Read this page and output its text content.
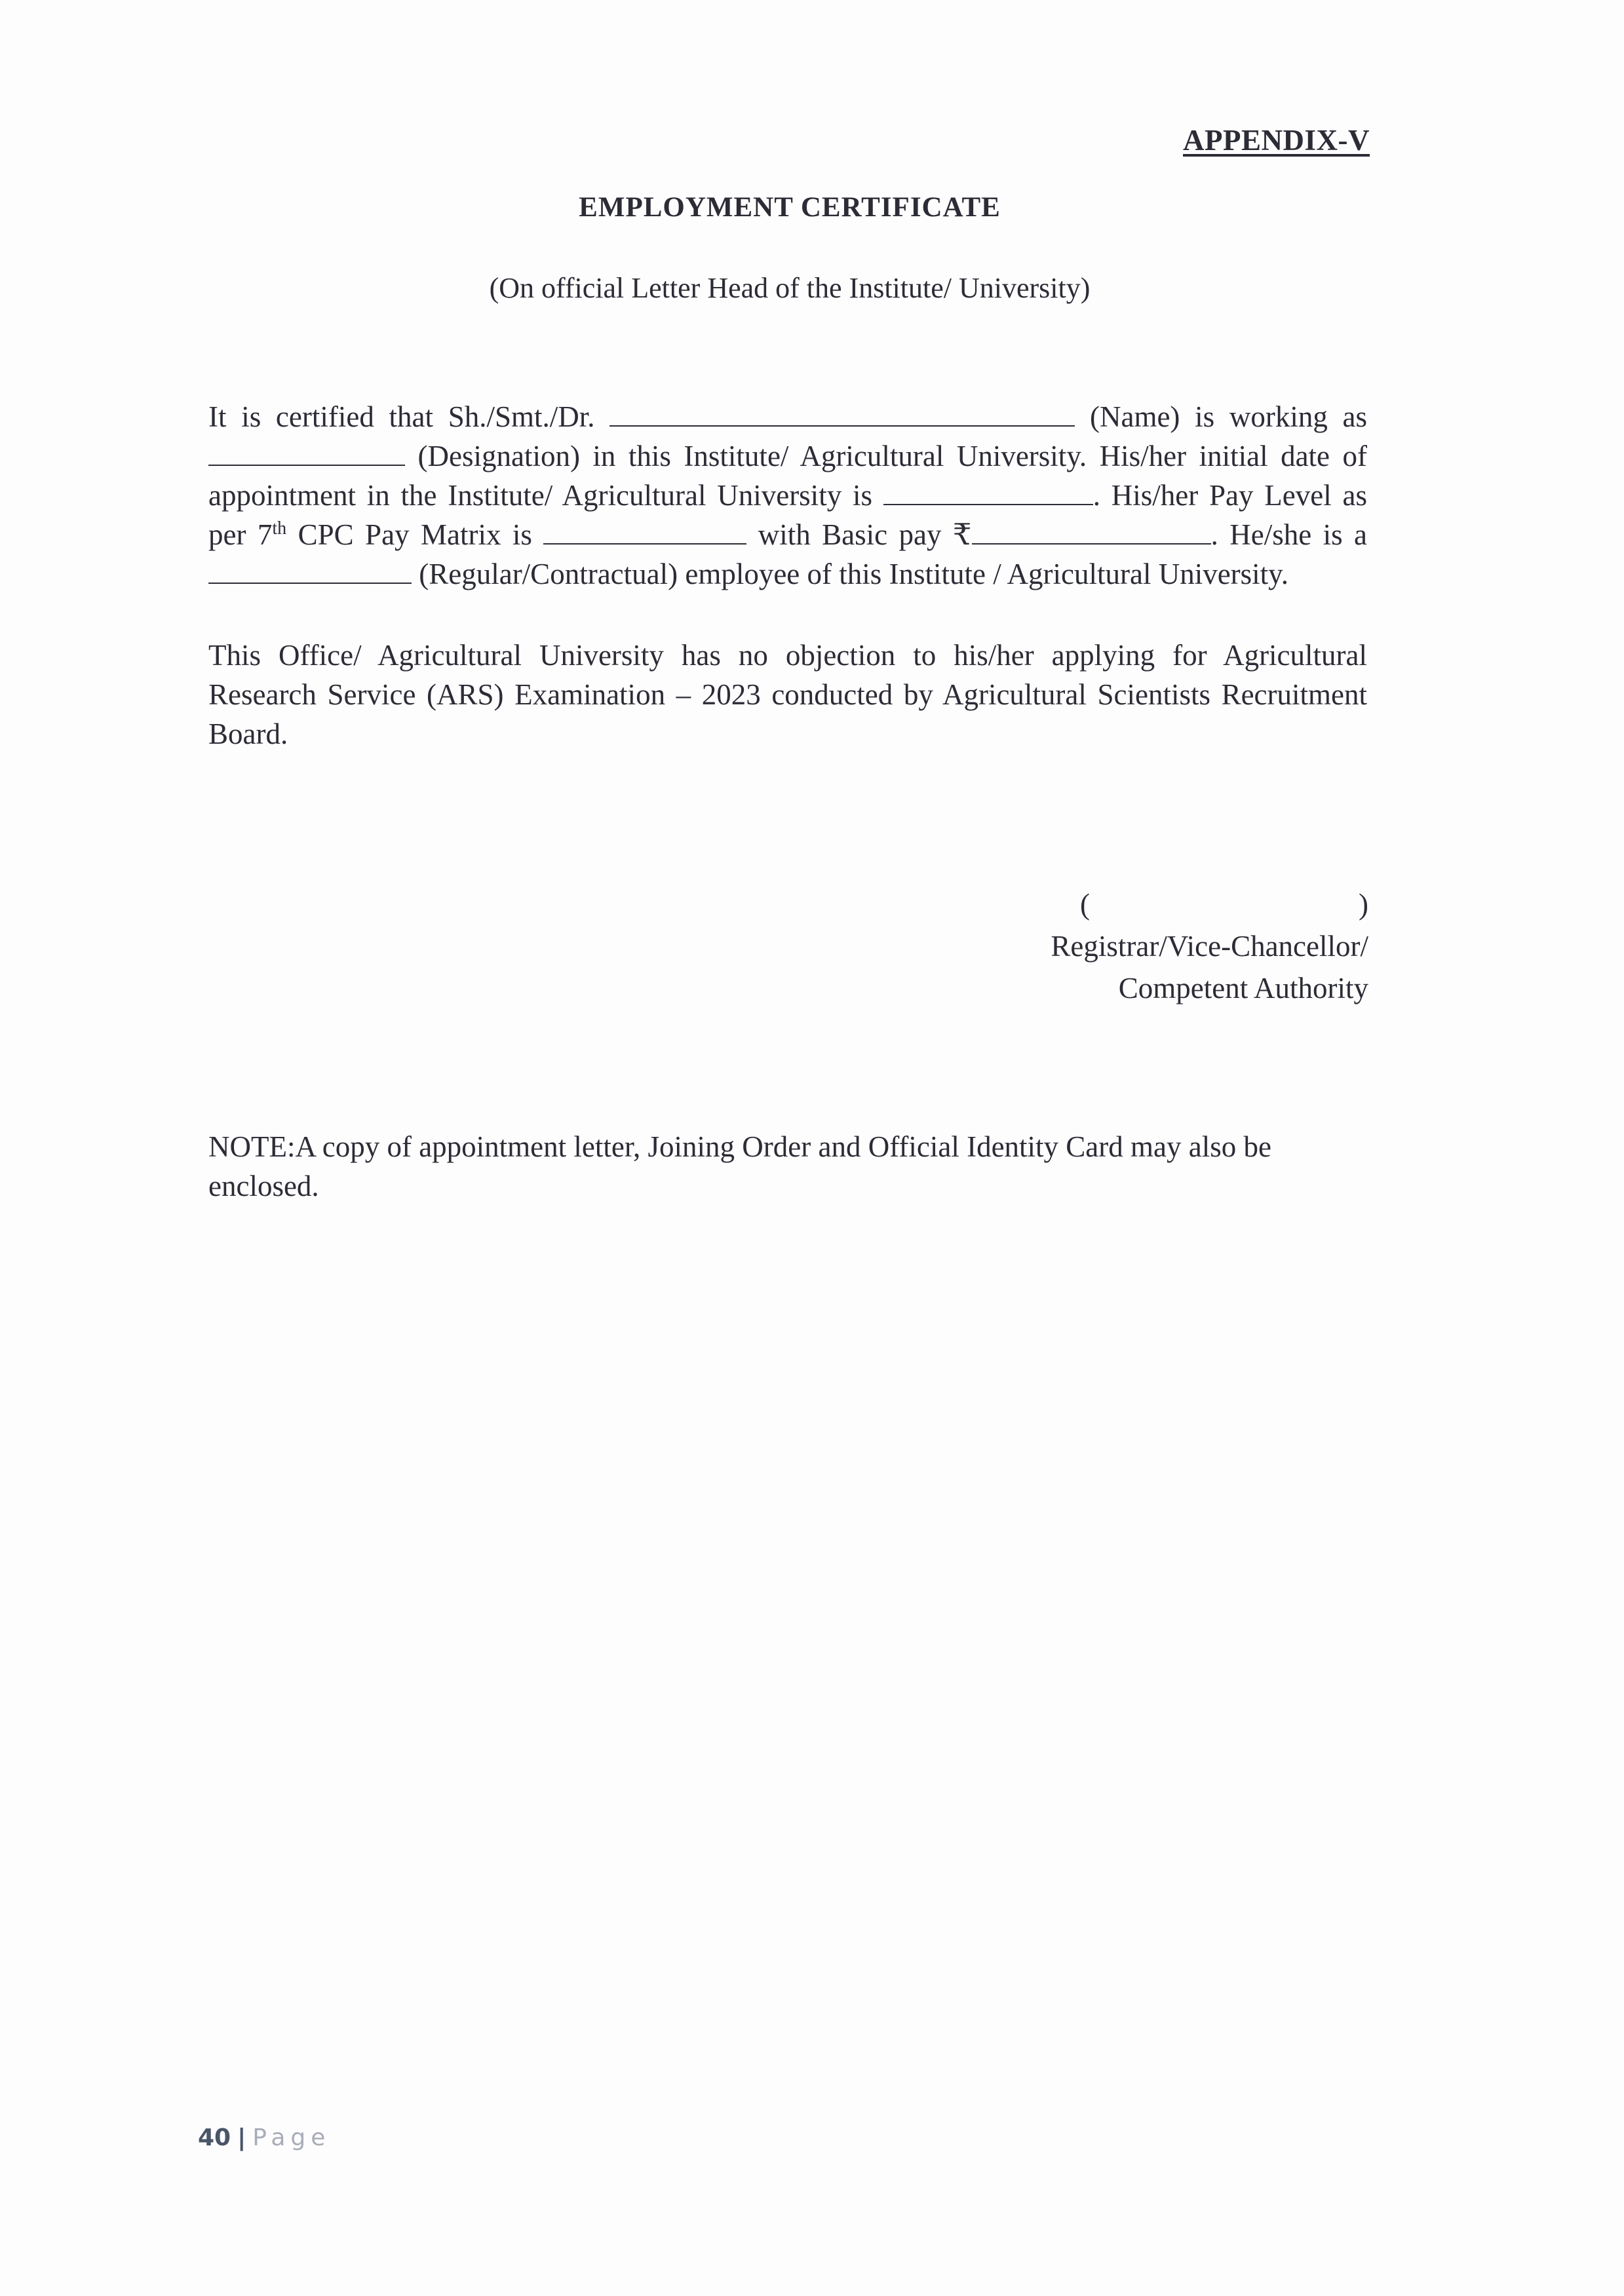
APPENDIX-V
EMPLOYMENT CERTIFICATE
(On official Letter Head of the Institute/ University)
It is certified that Sh./Smt./Dr.	(Name) is working as
(Designation) in this Institute/ Agricultural University. His/her initial date of
appointment in the Institute/ Agricultural University is	. His/her Pay Level as
per 7th CPC Pay Matrix is	with Basic pay ₹	. He/she is a
(Regular/Contractual) employee of this Institute / Agricultural University.
This Office/ Agricultural University has no objection to his/her applying for Agricultural Research Service (ARS) Examination – 2023 conducted by Agricultural Scientists Recruitment Board.
(	)
Registrar/Vice-Chancellor/
Competent Authority
NOTE:A copy of appointment letter, Joining Order and Official Identity Card may also be enclosed.
40 | Page
